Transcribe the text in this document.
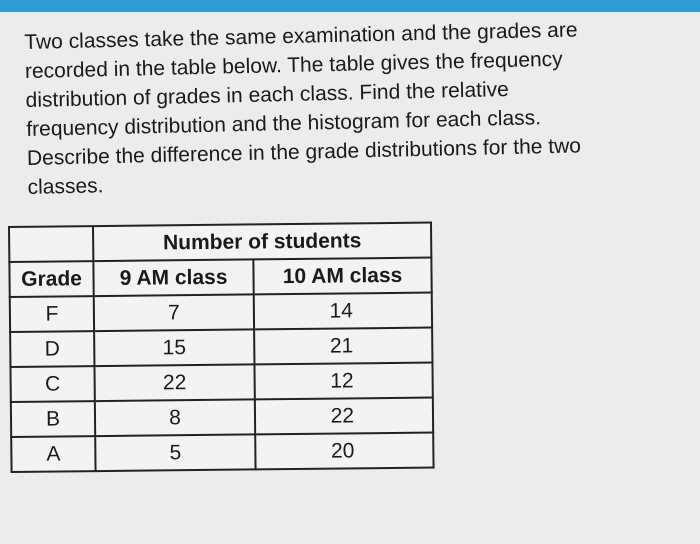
Two classes take the same examination and the grades are
recorded in the table below. The table gives the frequency
distribution of grades in each class. Find the relative
frequency distribution and the histogram for each class.
Describe the difference in the grade distributions for the two
classes.
	Number of students	
Grade	9 AM class	10 AM class
F	7	14
D	15	21
C	22	12
B	8	22
A	5	20
